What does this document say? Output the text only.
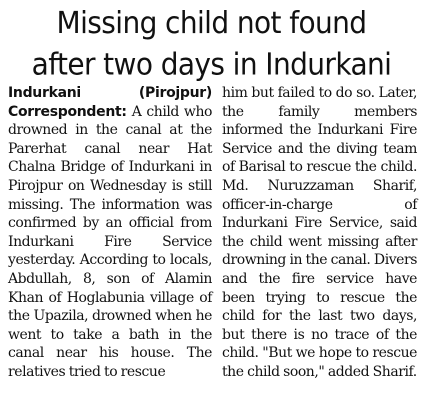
Missing child not found
after two days in Indurkani

Indurkani (Pirojpur) Correspondent: A child who drowned in the canal at the Parerhat canal near Hat Chalna Bridge of Indurkani in Pirojpur on Wednesday is still missing. The information was confirmed by an official from Indurkani Fire Service yesterday. According to locals, Abdullah, 8, son of Alamin Khan of Hoglabunia village of the Upazila, drowned when he went to take a bath in the canal near his house. The relatives tried to rescue

him but failed to do so. Later, the family members informed the Indurkani Fire Service and the diving team of Barisal to rescue the child. Md. Nuruzzaman Sharif, officer-in-charge of Indurkani Fire Service, said the child went missing after drowning in the canal. Divers and the fire service have been trying to rescue the child for the last two days, but there is no trace of the child. "But we hope to rescue the child soon," added Sharif.
